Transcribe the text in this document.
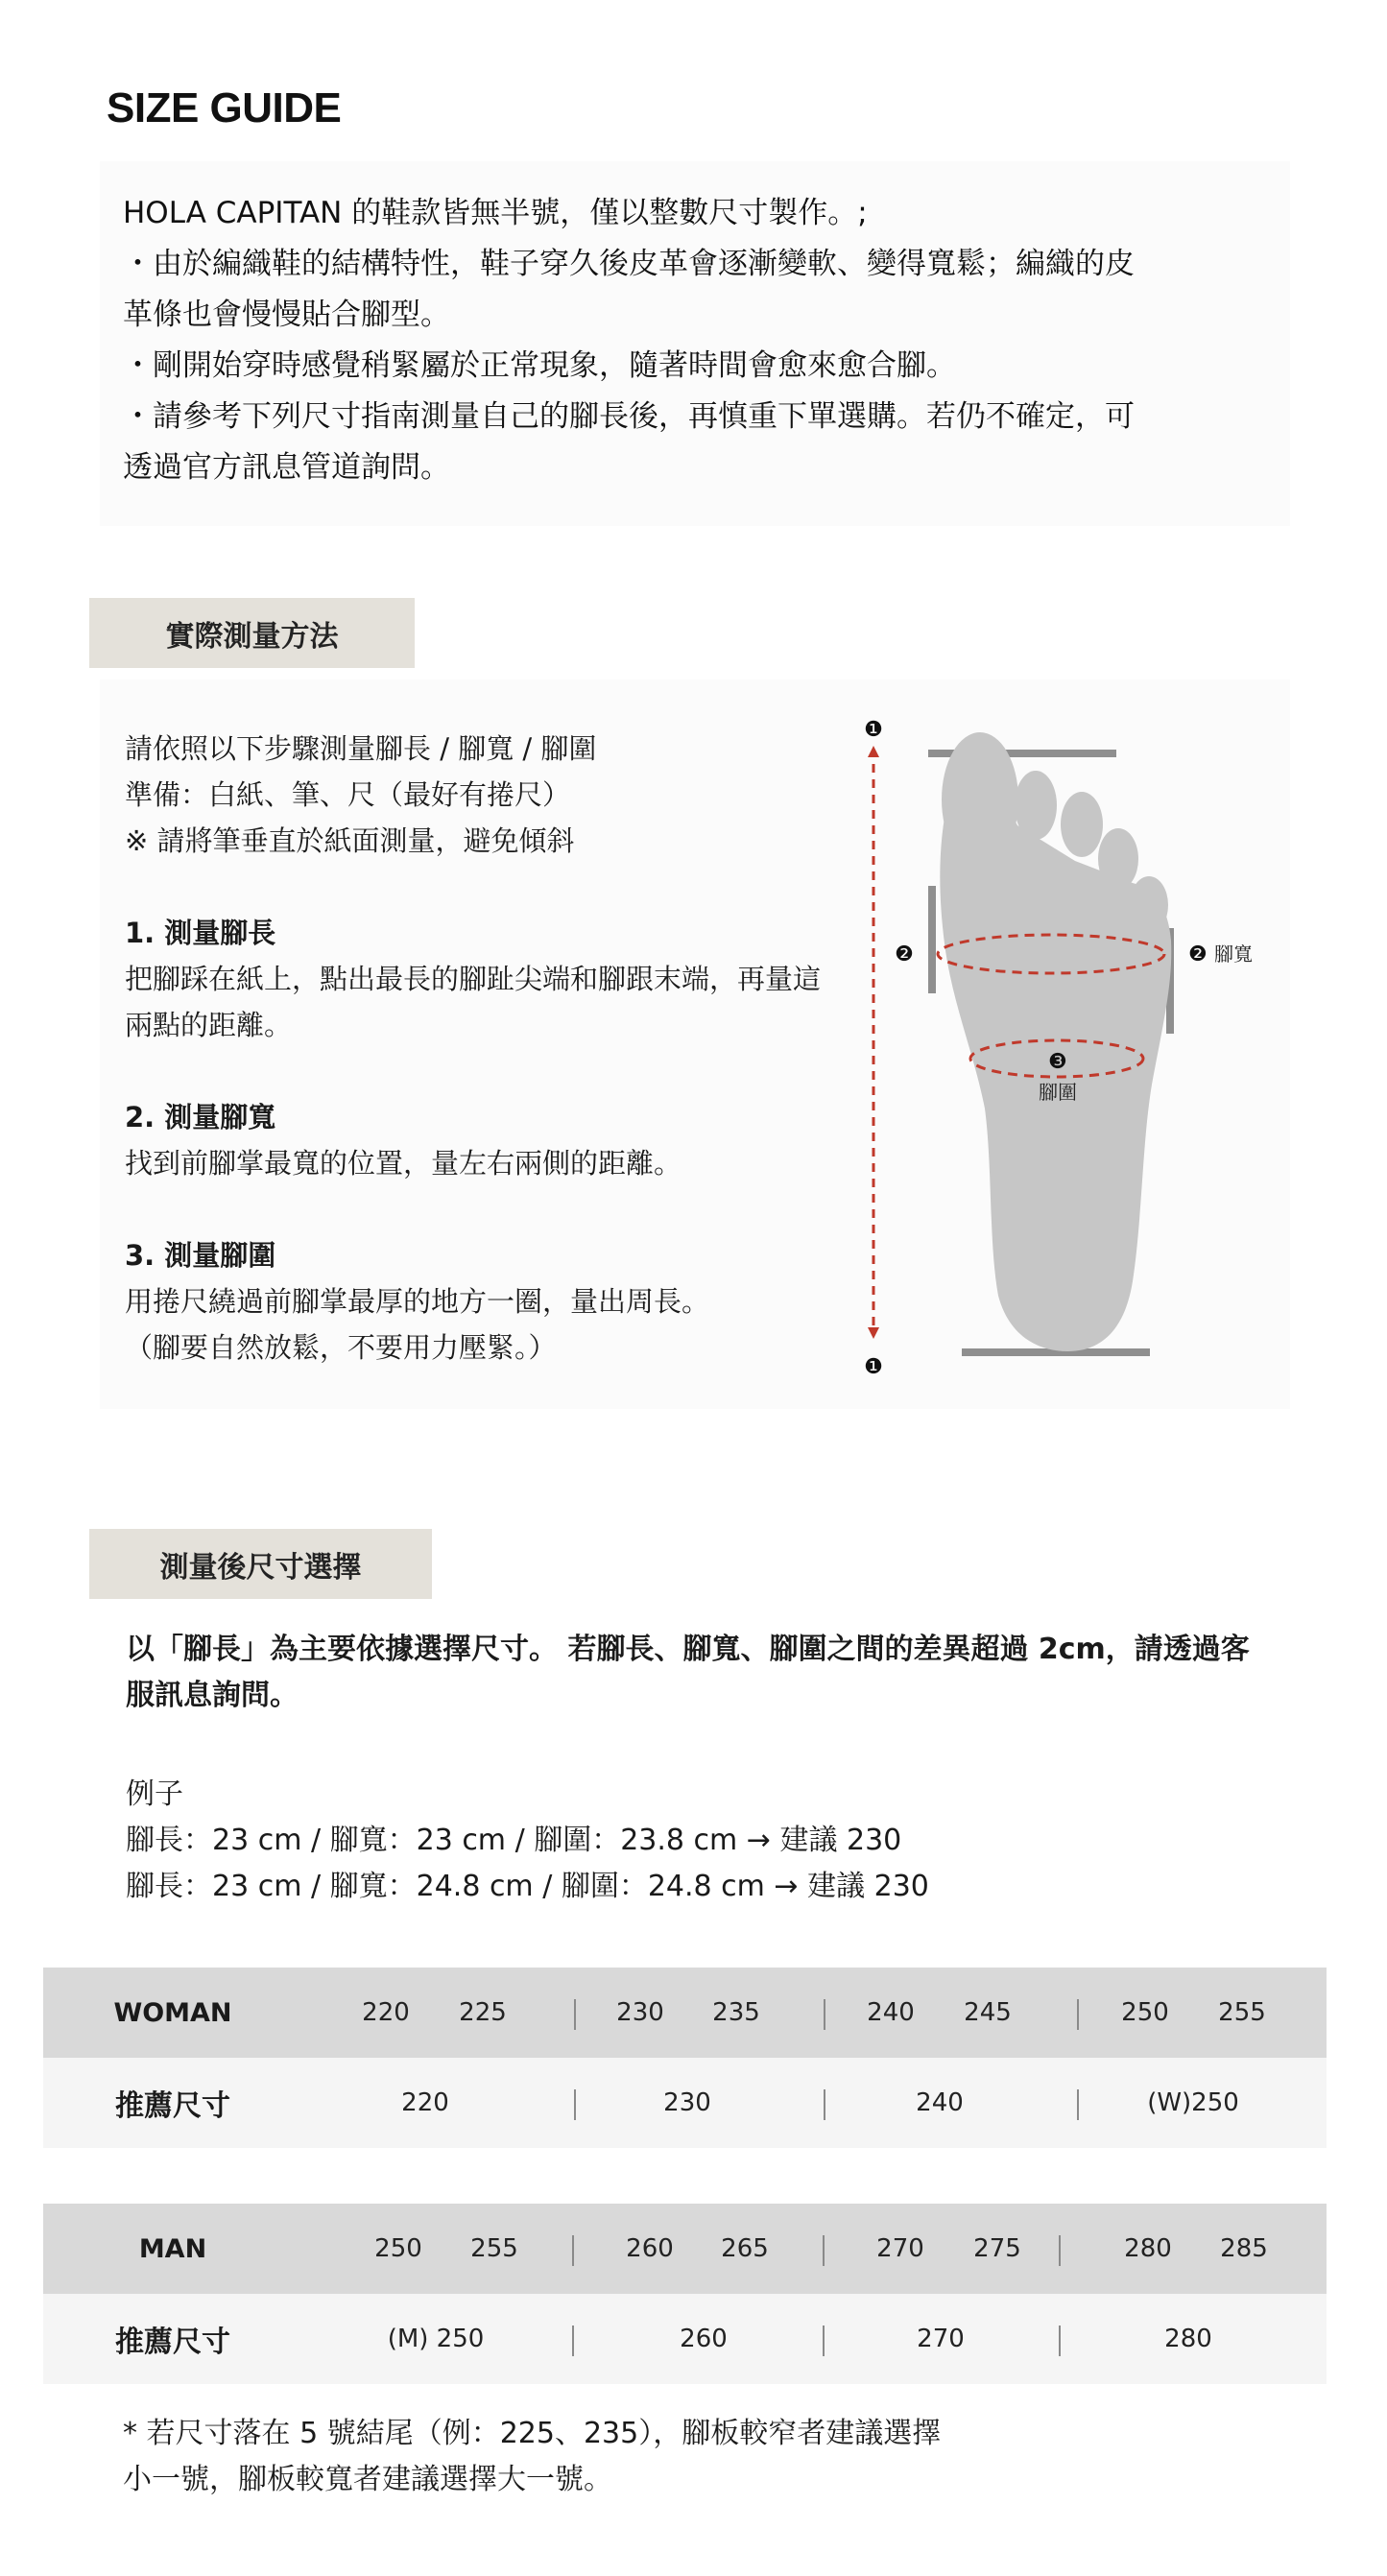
SIZE GUIDE

HOLA CAPITAN 的鞋款皆無半號，僅以整數尺寸製作。;

・由於編織鞋的結構特性，鞋子穿久後皮革會逐漸變軟、變得寬鬆；編織的皮

革條也會慢慢貼合腳型。

・剛開始穿時感覺稍緊屬於正常現象，隨著時間會愈來愈合腳。

・請參考下列尺寸指南測量自己的腳長後，再慎重下單選購。若仍不確定，可

透過官方訊息管道詢問。

實際測量方法

請依照以下步驟測量腳長 / 腳寬 / 腳圍

準備：白紙、筆、尺（最好有捲尺）

※ 請將筆垂直於紙面測量，避免傾斜

1. 測量腳長

把腳踩在紙上，點出最長的腳趾尖端和腳跟末端，再量這

兩點的距離。

2. 測量腳寬

找到前腳掌最寬的位置，量左右兩側的距離。

3. 測量腳圍

用捲尺繞過前腳掌最厚的地方一圈，量出周長。

（腳要自然放鬆，不要用力壓緊。）

❶
❶
❷	❷ 腳寬
❸
腳圍
測量後尺寸選擇

以「腳長」為主要依據選擇尺寸。 若腳長、腳寬、腳圍之間的差異超過 2cm，請透過客

服訊息詢問。

例子

腳長：23 cm / 腳寬：23 cm / 腳圍：23.8 cm → 建議 230

腳長：23 cm / 腳寬：24.8 cm / 腳圍：24.8 cm → 建議 230

WOMAN	220	225	230	235	240	245	250	255
推薦尺寸	220	230	240	(W)250
MAN	250	255	260	265	270	275	280	285
推薦尺寸	(M) 250	260	270	280

* 若尺寸落在 5 號結尾（例：225、235），腳板較窄者建議選擇

小一號，腳板較寬者建議選擇大一號。
